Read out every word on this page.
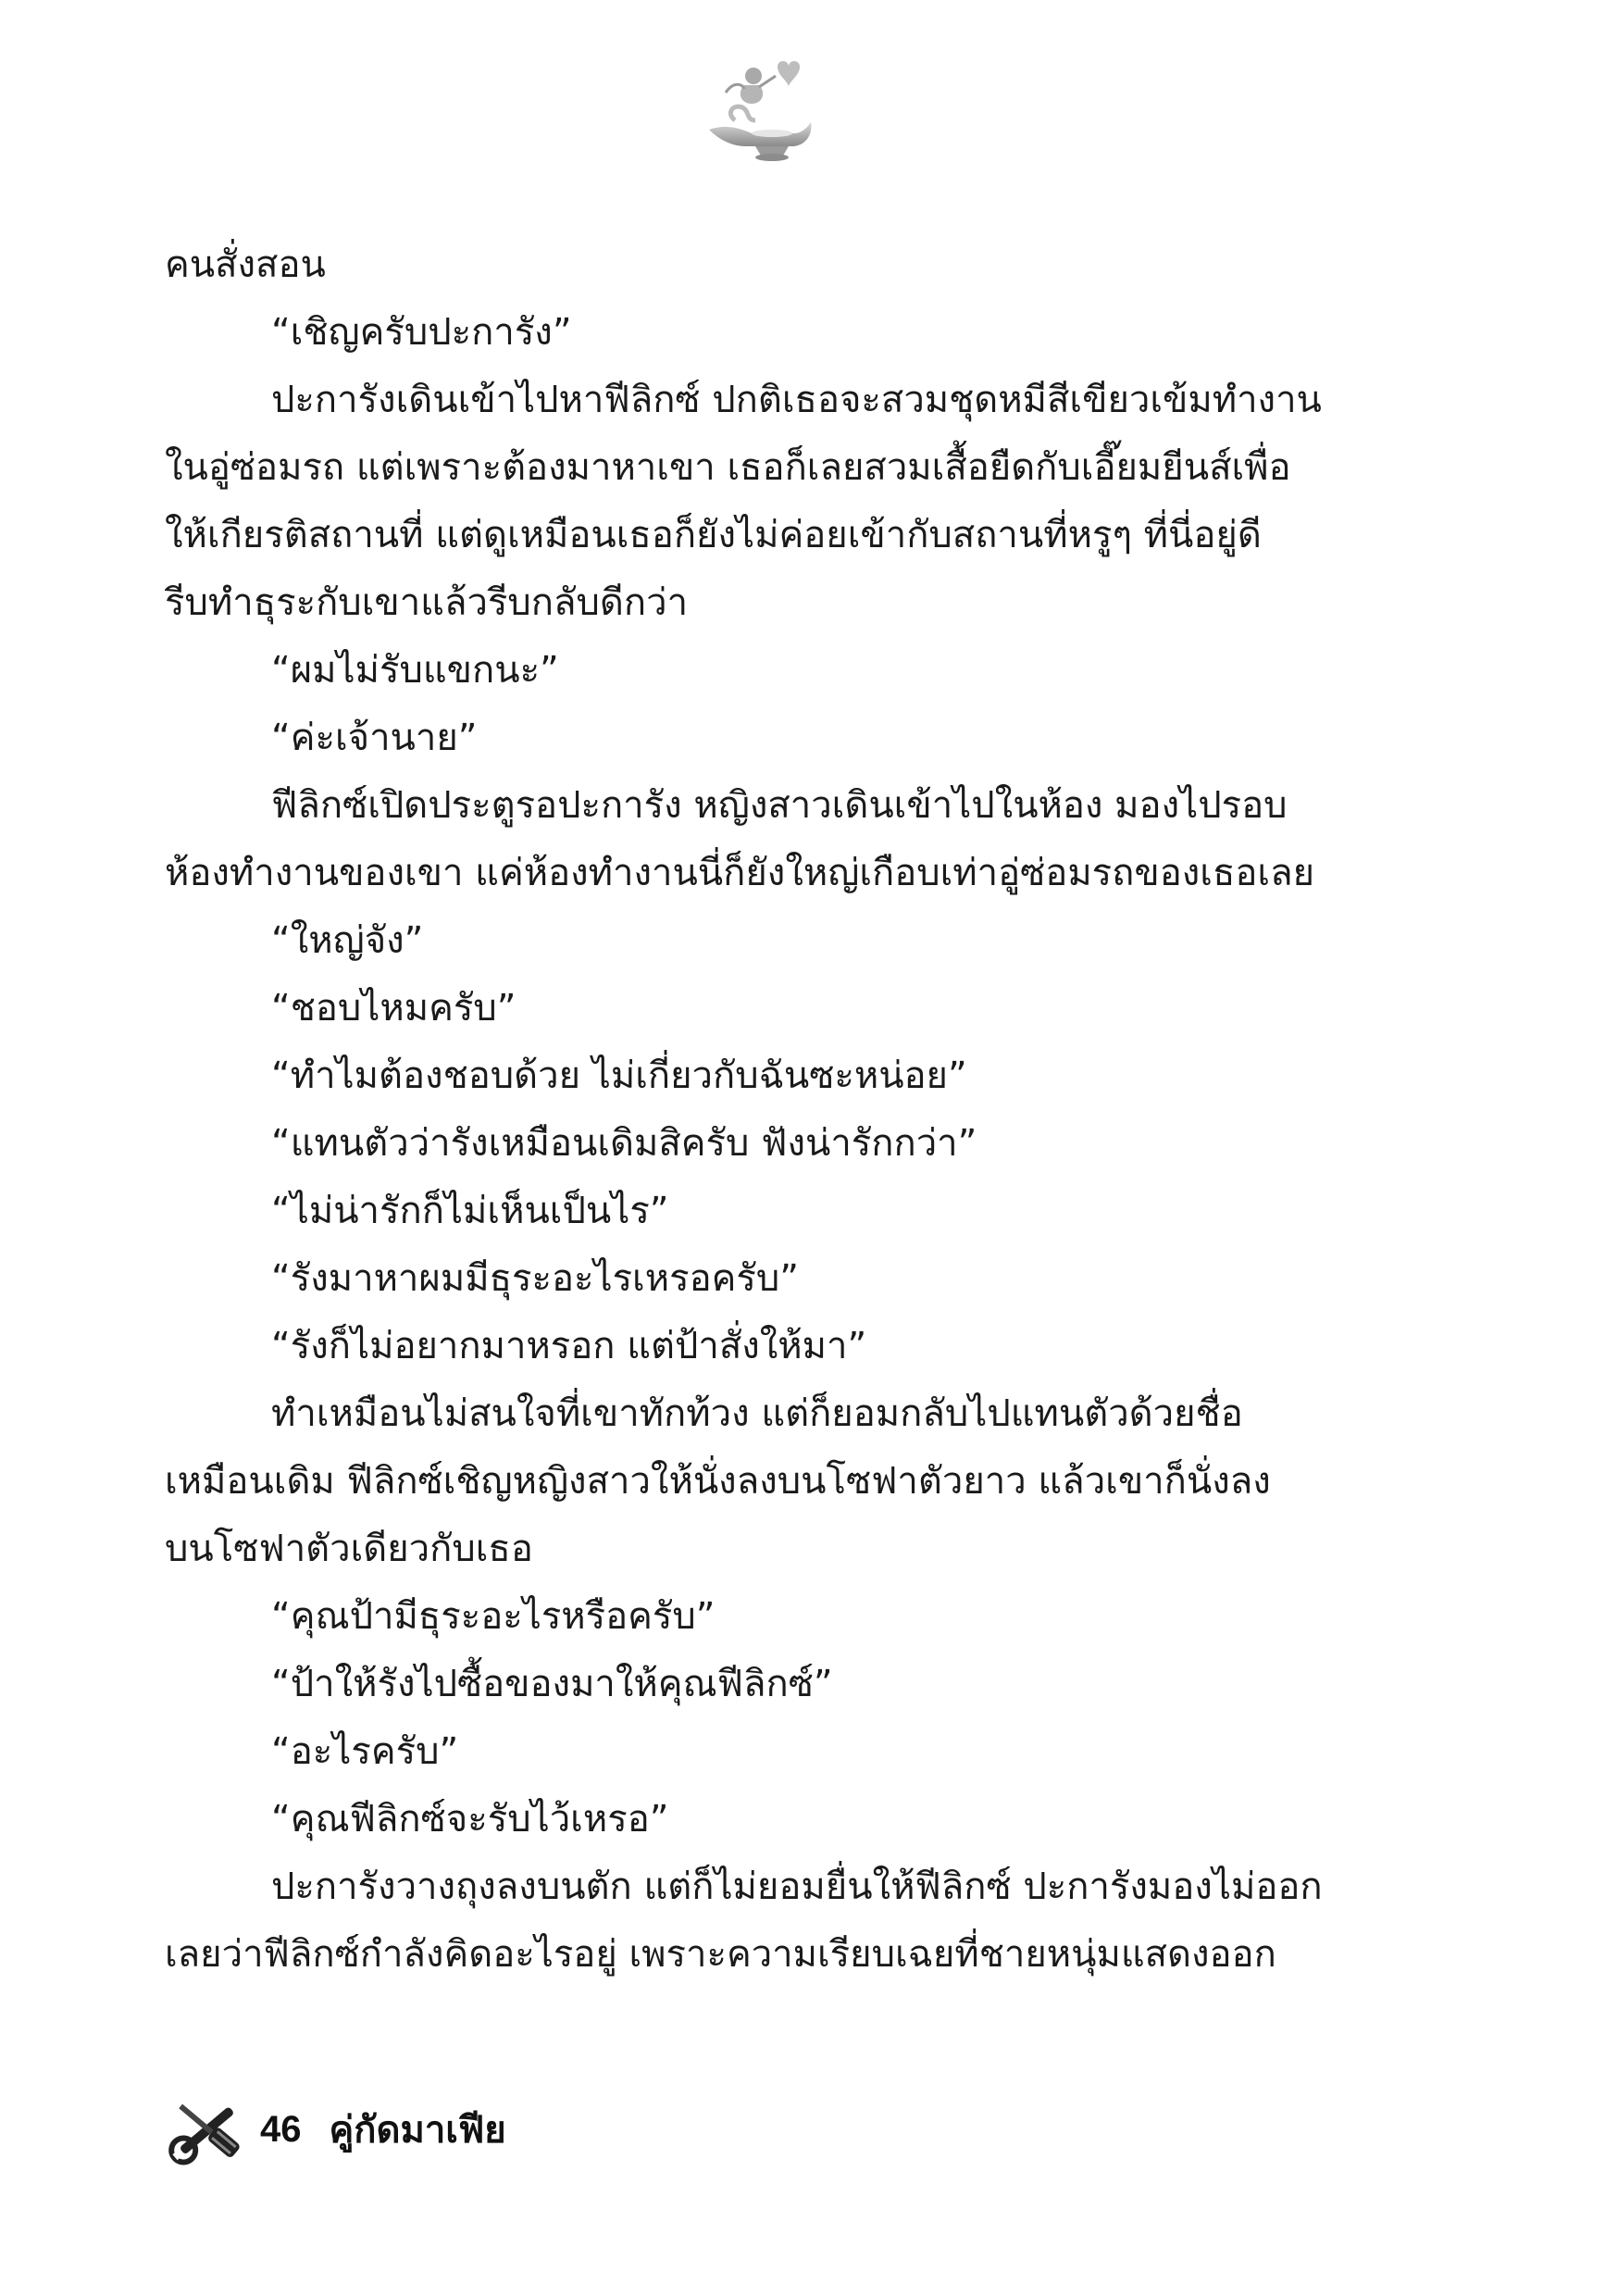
คนสั่งสอน
“เชิญครับปะการัง”
ปะการังเดินเข้าไปหาฟีลิกซ์ ปกติเธอจะสวมชุดหมีสีเขียวเข้มทำงาน
ในอู่ซ่อมรถ แต่เพราะต้องมาหาเขา เธอก็เลยสวมเสื้อยืดกับเอี๊ยมยีนส์เพื่อ
ให้เกียรติสถานที่ แต่ดูเหมือนเธอก็ยังไม่ค่อยเข้ากับสถานที่หรูๆ ที่นี่อยู่ดี
รีบทำธุระกับเขาแล้วรีบกลับดีกว่า
“ผมไม่รับแขกนะ”
“ค่ะเจ้านาย”
ฟีลิกซ์เปิดประตูรอปะการัง หญิงสาวเดินเข้าไปในห้อง มองไปรอบ
ห้องทำงานของเขา แค่ห้องทำงานนี่ก็ยังใหญ่เกือบเท่าอู่ซ่อมรถของเธอเลย
“ใหญ่จัง”
“ชอบไหมครับ”
“ทำไมต้องชอบด้วย ไม่เกี่ยวกับฉันซะหน่อย”
“แทนตัวว่ารังเหมือนเดิมสิครับ ฟังน่ารักกว่า”
“ไม่น่ารักก็ไม่เห็นเป็นไร”
“รังมาหาผมมีธุระอะไรเหรอครับ”
“รังก็ไม่อยากมาหรอก แต่ป้าสั่งให้มา”
ทำเหมือนไม่สนใจที่เขาทักท้วง แต่ก็ยอมกลับไปแทนตัวด้วยชื่อ
เหมือนเดิม ฟีลิกซ์เชิญหญิงสาวให้นั่งลงบนโซฟาตัวยาว แล้วเขาก็นั่งลง
บนโซฟาตัวเดียวกับเธอ
“คุณป้ามีธุระอะไรหรือครับ”
“ป้าให้รังไปซื้อของมาให้คุณฟีลิกซ์”
“อะไรครับ”
“คุณฟีลิกซ์จะรับไว้เหรอ”
ปะการังวางถุงลงบนตัก แต่ก็ไม่ยอมยื่นให้ฟีลิกซ์ ปะการังมองไม่ออก
เลยว่าฟีลิกซ์กำลังคิดอะไรอยู่ เพราะความเรียบเฉยที่ชายหนุ่มแสดงออก
46 คู่กัดมาเฟีย
